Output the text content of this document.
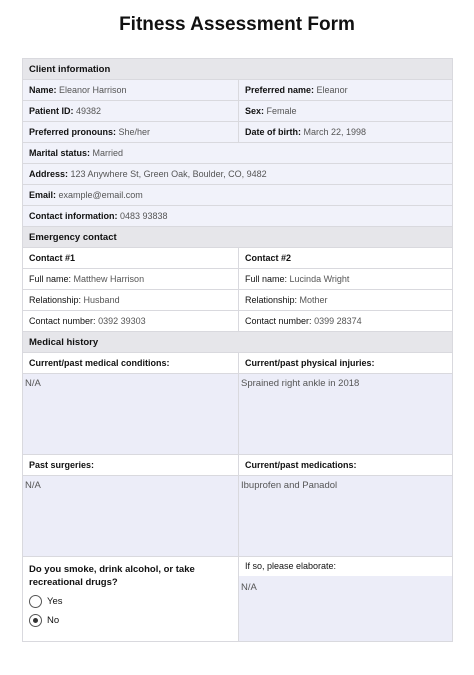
Fitness Assessment Form
Client information
Name: Eleanor Harrison	Preferred name: Eleanor
Patient ID: 49382	Sex: Female
Preferred pronouns: She/her	Date of birth: March 22, 1998
Marital status: Married
Address: 123 Anywhere St, Green Oak, Boulder, CO, 9482
Email: example@email.com
Contact information: 0483 93838
Emergency contact
Contact #1	Contact #2
Full name: Matthew Harrison	Full name: Lucinda Wright
Relationship: Husband	Relationship: Mother
Contact number: 0392 39303	Contact number: 0399 28374
Medical history
Current/past medical conditions:	Current/past physical injuries:
N/A	Sprained right ankle in 2018
Past surgeries:	Current/past medications:
N/A	Ibuprofen and Panadol
Do you smoke, drink alcohol, or take recreational drugs?
Yes
No
If so, please elaborate:
N/A
